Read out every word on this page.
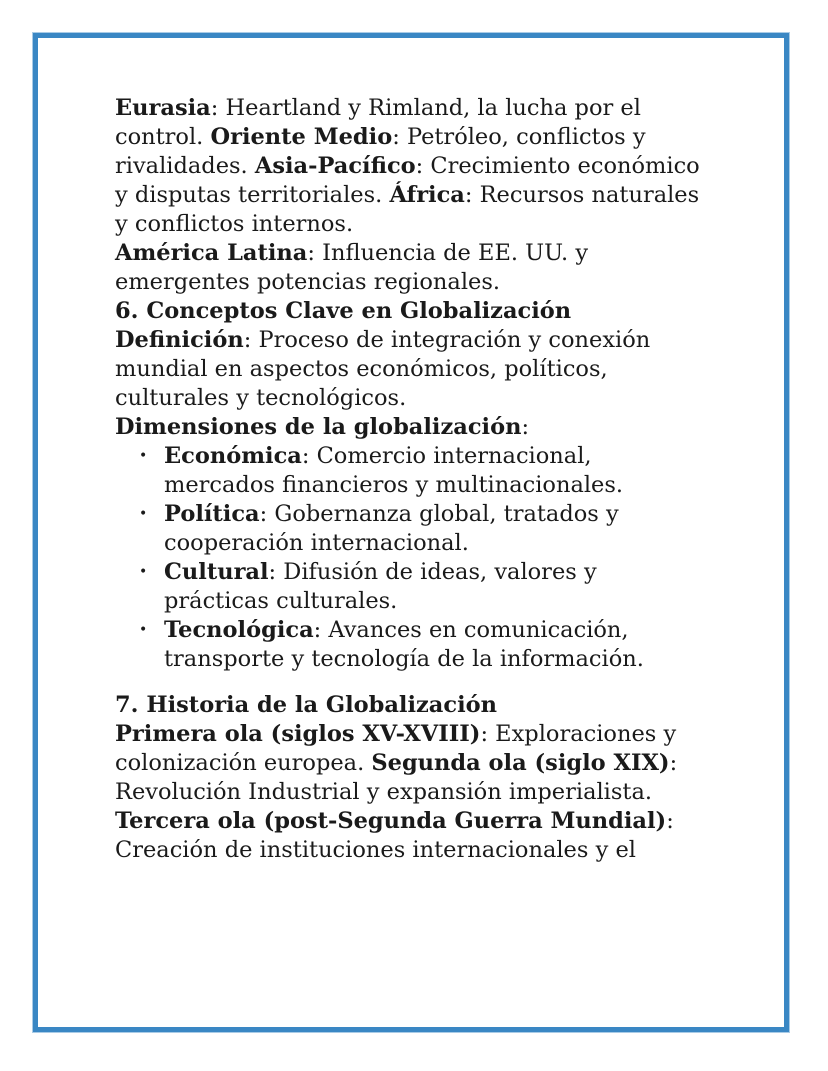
Eurasia: Heartland y Rimland, la lucha por el control. Oriente Medio: Petróleo, conflictos y rivalidades. Asia-Pacífico: Crecimiento económico y disputas territoriales. África: Recursos naturales y conflictos internos.
América Latina: Influencia de EE. UU. y emergentes potencias regionales.

6. Conceptos Clave en Globalización

Definición: Proceso de integración y conexión mundial en aspectos económicos, políticos, culturales y tecnológicos.

Dimensiones de la globalización:

• Económica: Comercio internacional, mercados financieros y multinacionales.
• Política: Gobernanza global, tratados y cooperación internacional.
• Cultural: Difusión de ideas, valores y prácticas culturales.
• Tecnológica: Avances en comunicación, transporte y tecnología de la información.

7. Historia de la Globalización

Primera ola (siglos XV-XVIII): Exploraciones y colonización europea. Segunda ola (siglo XIX): Revolución Industrial y expansión imperialista.
Tercera ola (post-Segunda Guerra Mundial): Creación de instituciones internacionales y el
